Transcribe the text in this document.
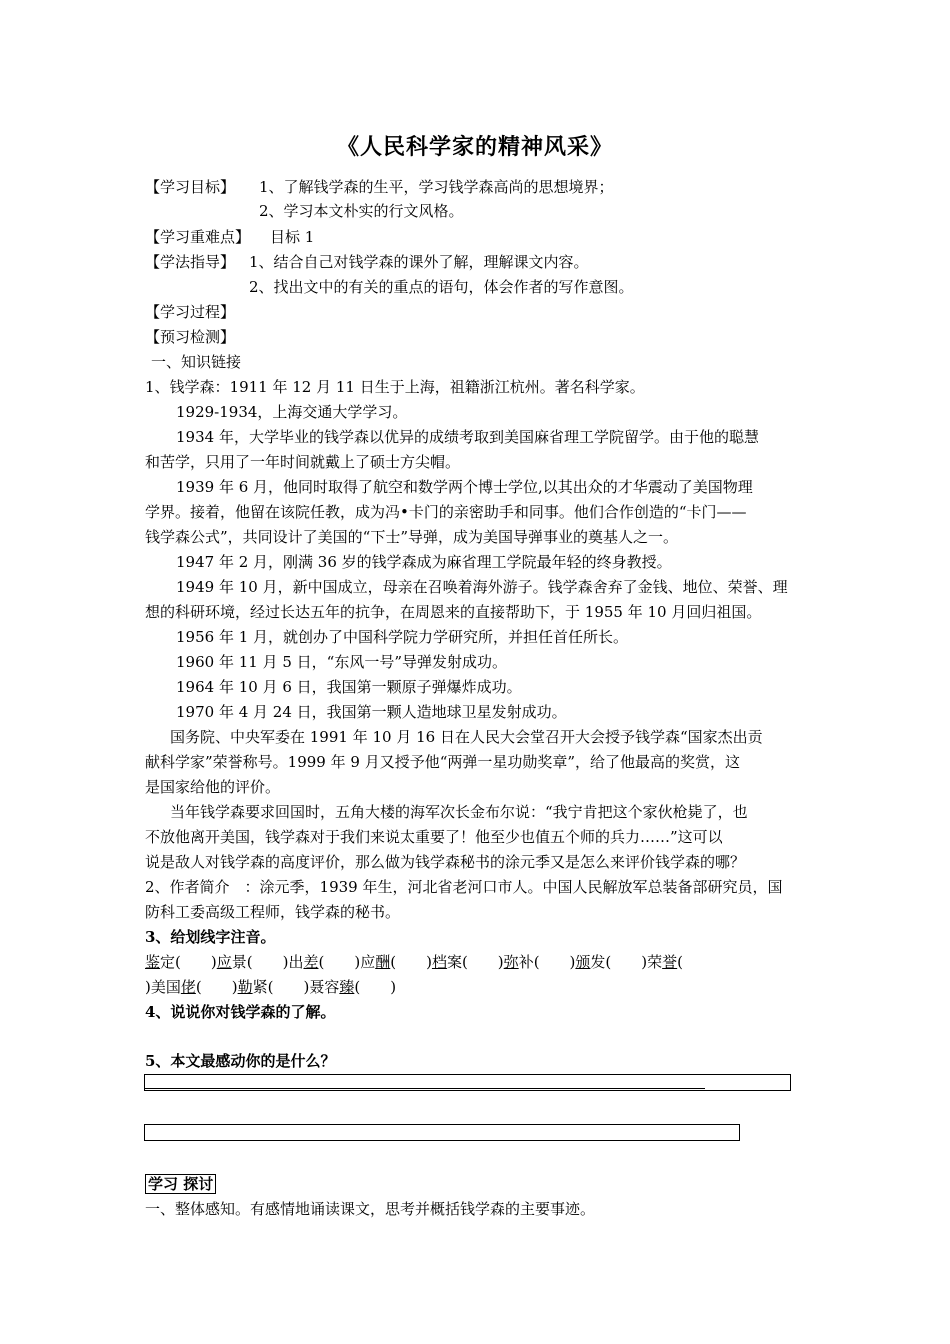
《人民科学家的精神风采》
【学习目标】 1、了解钱学森的生平，学习钱学森高尚的思想境界；
2、学习本文朴实的行文风格。
【学习重难点】 目标 1
【学法指导】 1、结合自己对钱学森的课外了解，理解课文内容。
2、找出文中的有关的重点的语句，体会作者的写作意图。
【学习过程】
【预习检测】
一、知识链接
1、钱学森：1911 年 12 月 11 日生于上海，祖籍浙江杭州。著名科学家。
1929-1934，上海交通大学学习。
1934 年，大学毕业的钱学森以优异的成绩考取到美国麻省理工学院留学。由于他的聪慧
和苦学，只用了一年时间就戴上了硕士方尖帽。
1939 年 6 月，他同时取得了航空和数学两个博士学位,以其出众的才华震动了美国物理
学界。接着，他留在该院任教，成为冯•卡门的亲密助手和同事。他们合作创造的“卡门——
钱学森公式”，共同设计了美国的“下士”导弹，成为美国导弹事业的奠基人之一。
1947 年 2 月，刚满 36 岁的钱学森成为麻省理工学院最年轻的终身教授。
1949 年 10 月，新中国成立，母亲在召唤着海外游子。钱学森舍弃了金钱、地位、荣誉、理
想的科研环境，经过长达五年的抗争，在周恩来的直接帮助下，于 1955 年 10 月回归祖国。
1956 年 1 月，就创办了中国科学院力学研究所，并担任首任所长。
1960 年 11 月 5 日，“东风一号”导弹发射成功。
1964 年 10 月 6 日，我国第一颗原子弹爆炸成功。
1970 年 4 月 24 日，我国第一颗人造地球卫星发射成功。
国务院、中央军委在 1991 年 10 月 16 日在人民大会堂召开大会授予钱学森“国家杰出贡
献科学家”荣誉称号。1999 年 9 月又授予他“两弹一星功勋奖章”，给了他最高的奖赏，这
是国家给他的评价。
当年钱学森要求回国时，五角大楼的海军次长金布尔说：“我宁肯把这个家伙枪毙了，也
不放他离开美国，钱学森对于我们来说太重要了！他至少也值五个师的兵力……”这可以
说是敌人对钱学森的高度评价，那么做为钱学森秘书的涂元季又是怎么来评价钱学森的哪？
2、作者简介　：涂元季，1939 年生，河北省老河口市人。中国人民解放军总装备部研究员，国
防科工委高级工程师，钱学森的秘书。
3、给划线字注音。
鉴定(　　)应景(　　)出差(　　)应酬(　　)档案(　　)弥补(　　)颁发(　　)荣誉(
)美国佬(　　)勒紧(　　)聂容臻(　　)
4、说说你对钱学森的了解。
5、本文最感动你的是什么？
学习 探讨
一、整体感知。有感情地诵读课文，思考并概括钱学森的主要事迹。
